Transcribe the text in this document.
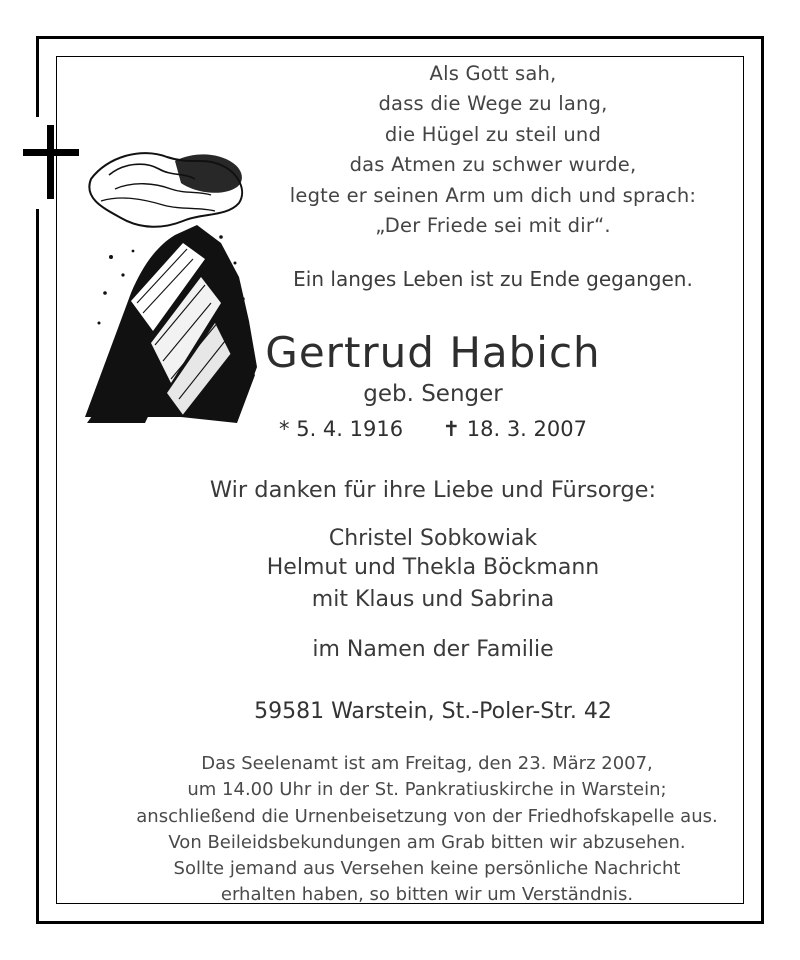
Als Gott sah,
dass die Wege zu lang,
die Hügel zu steil und
das Atmen zu schwer wurde,
legte er seinen Arm um dich und sprach:
„Der Friede sei mit dir“.
Ein langes Leben ist zu Ende gegangen.
Gertrud Habich
geb. Senger
* 5. 4. 1916 ✝ 18. 3. 2007
Wir danken für ihre Liebe und Fürsorge:
Christel Sobkowiak
Helmut und Thekla Böckmann
mit Klaus und Sabrina
im Namen der Familie
59581 Warstein, St.-Poler-Str. 42
Das Seelenamt ist am Freitag, den 23. März 2007,
um 14.00 Uhr in der St. Pankratiuskirche in Warstein;
anschließend die Urnenbeisetzung von der Friedhofskapelle aus.
Von Beileidsbekundungen am Grab bitten wir abzusehen.
Sollte jemand aus Versehen keine persönliche Nachricht
erhalten haben, so bitten wir um Verständnis.
